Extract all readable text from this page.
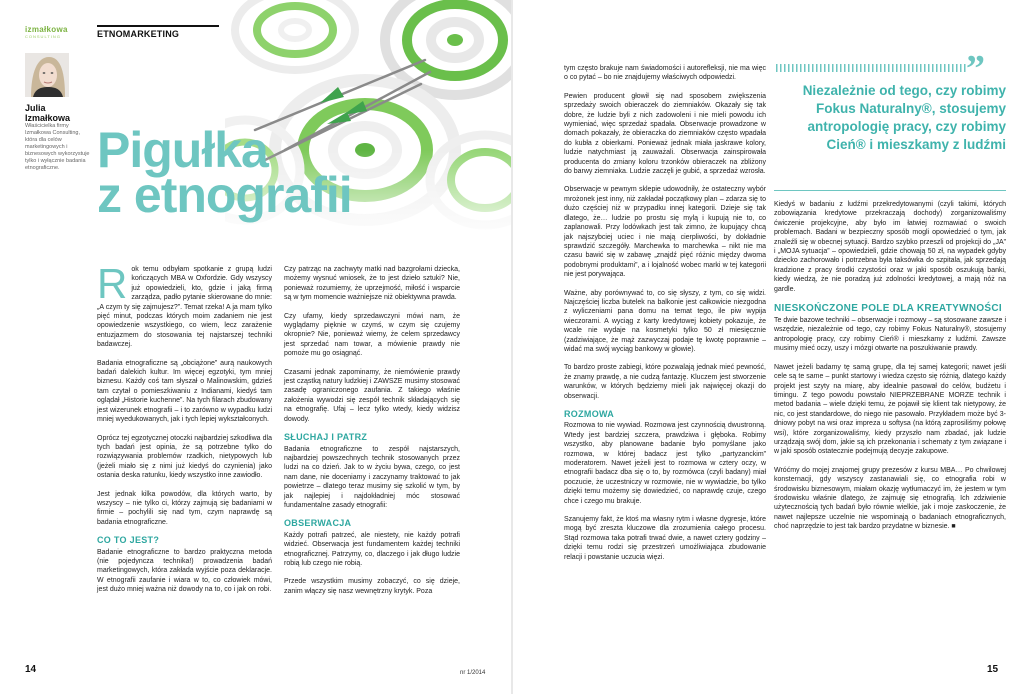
izmałkowa
CONSULTING	ETNOMARKETING
Julia
Izmałkowa
Właścicielka firmy Izmałkowa Consulting, która dla celów marketingowych i biznesowych wykorzystuje tylko i wyłącznie badania etnograficzne. Pigułka
z etnografii

Rok temu odbyłam spotkanie z grupą ludzi kończących MBA w Oxfordzie. Gdy wszyscy już opowiedzieli, kto, gdzie i jaką firmą zarządza, padło pytanie skierowane do mnie: „A czym ty się zajmujesz?”. Temat rzeka! A ja mam tylko pięć minut, podczas których moim zadaniem nie jest opowiedzenie wszystkiego, co wiem, lecz zarażenie entuzjazmem do stosowania tej najstarszej techniki badawczej.

Badania etnograficzne są „obciążone” aurą naukowych badań dalekich kultur. Im więcej egzotyki, tym mniej biznesu. Każdy coś tam słyszał o Malinowskim, gdzieś tam czytał o pomieszkiwaniu z Indianami, kiedyś tam oglądał „Historie kuchenne”. Na tych filarach zbudowany jest wizerunek etnografii – i to zarówno w wypadku ludzi mniej wyedukowanych, jak i tych lepiej wykształconych.

Oprócz tej egzotycznej otoczki najbardziej szkodliwa dla tych badań jest opinia, że są potrzebne tylko do rozwiązywania problemów rzadkich, nietypowych lub (jeżeli miało się z nimi już kiedyś do czynienia) jako ostania deska ratunku, kiedy wszystko inne zawiodło.

Jest jednak kilka powodów, dla których warto, by wszyscy – nie tylko ci, którzy zajmują się badaniami w firmie – pochylili się nad tym, czym naprawdę są badania etnograficzne.

CO TO JEST?

Badanie etnograficzne to bardzo praktyczna metoda (nie pojedyncza technika!) prowadzenia badań marketingowych, która zakłada wyjście poza deklaracje. W etnografii zaufanie i wiara w to, co człowiek mówi, jest dużo mniej ważna niż dowody na to, co i jak on robi.

Czy patrząc na zachwyty matki nad bazgrołami dziecka, możemy wysnuć wniosek, że to jest dzieło sztuki? Nie, ponieważ rozumiemy, że uprzejmość, miłość i wsparcie są w tym momencie ważniejsze niż obiektywna prawda.

Czy ufamy, kiedy sprzedawczyni mówi nam, że wyglądamy pięknie w czymś, w czym się czujemy okropnie? Nie, ponieważ wiemy, że celem sprzedawcy jest sprzedać nam towar, a mówienie prawdy nie pomoże mu go osiągnąć.

Czasami jednak zapominamy, że niemówienie prawdy jest cząstką natury ludzkiej i ZAWSZE musimy stosować zasadę ograniczonego zaufania. Z takiego właśnie założenia wywodzi się zespół technik składających się na etnografię. Ufaj – lecz tylko wtedy, kiedy widzisz dowody.

SŁUCHAJ I PATRZ

Badania etnograficzne to zespół najstarszych, najbardziej powszechnych technik stosowanych przez ludzi na co dzień. Jak to w życiu bywa, czego, co jest nam dane, nie doceniamy i zaczynamy traktować to jak powietrze – dlatego teraz musimy się szkolić w tym, by jak najlepiej i najdokładniej móc stosować fundamentalne zasady etnografii:

OBSERWACJA

Każdy potrafi patrzeć, ale niestety, nie każdy potrafi widzieć. Obserwacja jest fundamentem każdej techniki etnograficznej. Patrzymy, co, dlaczego i jak długo ludzie robią lub czego nie robią.

Przede wszystkim musimy zobaczyć, co się dzieje, zanim włączy się nasz wewnętrzny krytyk. Poza

14	nr 1/2014

tym często brakuje nam świadomości i autorefleksji, nie ma więc o co pytać – bo nie znajdujemy właściwych odpowiedzi.

Pewien producent głowił się nad sposobem zwiększenia sprzedaży swoich obieraczek do ziemniaków. Okazały się tak dobre, że ludzie byli z nich zadowoleni i nie mieli powodu ich wymieniać, więc sprzedaż spadała. Obserwacje prowadzone w domach pokazały, że obieraczka do ziemniaków często wpadała do kubła z obierkami. Ponieważ jednak miała jaskrawe kolory, ludzie natychmiast ją zauważali. Obserwacja zainspirowała producenta do zmiany koloru trzonków obieraczek na zbliżony do barwy ziemniaka. Ludzie zaczęli je gubić, a sprzedaż wzrosła.

Obserwacje w pewnym sklepie udowodniły, że ostateczny wybór mrożonek jest inny, niż zakładał początkowy plan – zdarza się to dużo częściej niż w przypadku innej kategorii. Dzieje się tak dlatego, że… ludzie po prostu się mylą i kupują nie to, co zaplanowali. Przy lodówkach jest tak zimno, że kupujący chcą jak najszybciej uciec i nie mają cierpliwości, by dokładnie sprawdzić szczegóły. Marchewka to marchewka – nikt nie ma czasu bawić się w zabawę „znajdź pięć różnic między dwoma podobnymi produktami”, a i lojalność wobec marki w tej kategorii nie jest porywająca.

Ważne, aby porównywać to, co się słyszy, z tym, co się widzi. Najczęściej liczba butelek na balkonie jest całkowicie niezgodna z wyliczeniami pana domu na temat tego, ile piw wypija wieczorami. A wyciąg z karty kredytowej kobiety pokazuje, że wcale nie wydaje na kosmetyki tylko 50 zł miesięcznie (zadziwiające, że mąż zazwyczaj podaje tę kwotę poprawnie – widać ma swój wyciąg bankowy w głowie).

To bardzo proste zabiegi, które pozwalają jednak mieć pewność, że znamy prawdę, a nie cudzą fantazję. Kluczem jest stworzenie warunków, w których będziemy mieli jak najwięcej okazji do obserwacji.

ROZMOWA

Rozmowa to nie wywiad. Rozmowa jest czynnością dwustronną. Wtedy jest bardziej szczera, prawdziwa i głęboka. Robimy wszystko, aby planowane badanie było pomyślane jako rozmowa, w której badacz jest tylko „partyzanckim” moderatorem. Nawet jeżeli jest to rozmowa w cztery oczy, w etnografii badacz dba się o to, by rozmówca (czyli badany) miał poczucie, że uczestniczy w rozmowie, nie w wywiadzie, bo tylko dzięki temu możemy się dowiedzieć, co naprawdę czuje, czego chce i czego mu brakuje.

Szanujemy fakt, że ktoś ma własny rytm i własne dygresje, które mogą być zreszta kluczowe dla zrozumienia całego procesu. Stąd rozmowa taka potrafi trwać dwie, a nawet cztery godziny – dzięki temu rodzi się przestrzeń umożliwiająca zbudowanie relacji i powstanie uczucia więzi.

”
Niezależnie od tego, czy robimy Fokus Naturalny®, stosujemy antropologię pracy, czy robimy Cień® i mieszkamy z ludźmi

Kiedyś w badaniu z ludźmi przekredytowanymi (czyli takimi, których zobowiązania kredytowe przekraczają dochody) zorganizowaliśmy ćwiczenie projekcyjne, aby było im łatwiej rozmawiać o swoich problemach. Badani w bezpieczny sposób mogli opowiedzieć o tym, jak znaleźli się w obecnej sytuacji. Bardzo szybko przeszli od projekcji do „JA” i „MOJA sytuacja” – opowiedzieli, gdzie chowają 50 zł, na wypadek gdyby dziecko zachorowało i potrzebna była taksówka do szpitala, jak sprzedają kradzione z pracy środki czystości oraz w jaki sposób oszukują banki, kiedy wiedzą, że nie poradzą już zdolności kredytowej, a mają nóż na gardle.

NIESKOŃCZONE POLE DLA KREATYWNOŚCI

Te dwie bazowe techniki – obserwacje i rozmowy – są stosowane zawsze i wszędzie, niezależnie od tego, czy robimy Fokus Naturalny®, stosujemy antropologię pracy, czy robimy Cień® i mieszkamy z ludźmi. Zawsze musimy mieć oczy, uszy i mózgi otwarte na poszukiwanie prawdy.

Nawet jeżeli badamy tę samą grupę, dla tej samej kategorii; nawet jeśli cele są te same – punkt startowy i wiedza często się różnią, dlatego każdy projekt jest szyty na miarę, aby idealnie pasował do celów, budżetu i timingu. Z tego powodu powstało NIEPRZEBRANE MORZE technik i metod badania – wiele dzięki temu, że pojawił się klient tak nietypowy, że nic, co jest standardowe, do niego nie pasowało. Przykładem może być 3-dniowy pobyt na wsi oraz impreza u softysa (na którą zaprosiliśmy połowę wsi), które zorganizowaliśmy, kiedy przyszło nam zbadać, jak ludzie urządzają swój dom, jakie są ich przekonania i schematy z tym związane i w jaki sposób ostatecznie podejmują decyzje zakupowe.

Wróćmy do mojej znajomej grupy prezesów z kursu MBA… Po chwilowej konsternacji, gdy wszyscy zastanawiali się, co etnografia robi w środowisku biznesowym, miałam okazję wytłumaczyć im, że jestem w tym środowisku właśnie dlatego, że zajmuję się etnografią. Ich zdziwienie użytecznością tych badań było równie wielkie, jak i moje zaskoczenie, że nawet najlepsze uczelnie nie wspominają o badaniach etnograficznych, choć naprzędzie to jest tak bardzo przydatne w biznesie. ■

15
